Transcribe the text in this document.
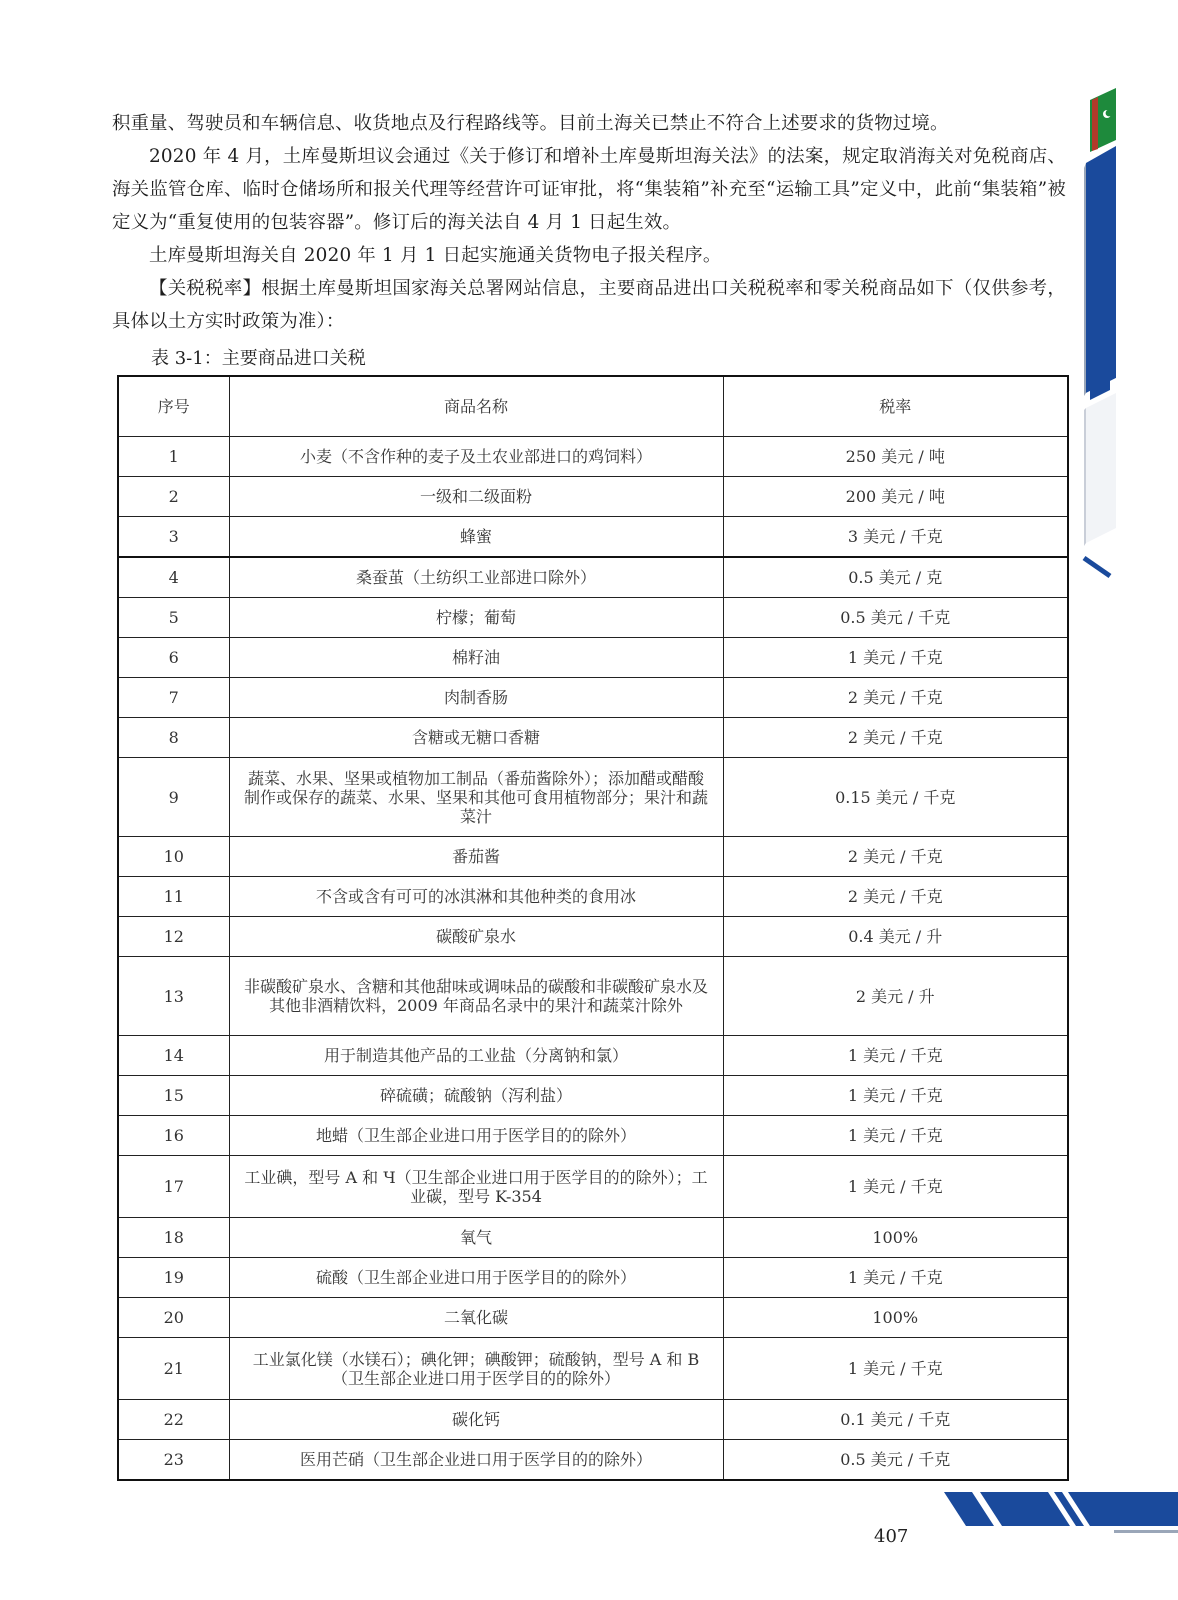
积重量、驾驶员和车辆信息、收货地点及行程路线等。目前土海关已禁止不符合上述要求的货物过境。

2020 年 4 月，土库曼斯坦议会通过《关于修订和增补土库曼斯坦海关法》的法案，规定取消海关对免税商店、海关监管仓库、临时仓储场所和报关代理等经营许可证审批，将“集装箱”补充至“运输工具”定义中，此前“集装箱”被定义为“重复使用的包装容器”。修订后的海关法自 4 月 1 日起生效。

土库曼斯坦海关自 2020 年 1 月 1 日起实施通关货物电子报关程序。

【关税税率】根据土库曼斯坦国家海关总署网站信息，主要商品进出口关税税率和零关税商品如下（仅供参考，具体以土方实时政策为准）：

表 3-1：主要商品进口关税

序号	商品名称	税率
1	小麦（不含作种的麦子及土农业部进口的鸡饲料）	250 美元 / 吨
2	一级和二级面粉	200 美元 / 吨
3	蜂蜜	3 美元 / 千克
4	桑蚕茧（土纺织工业部进口除外）	0.5 美元 / 克
5	柠檬；葡萄	0.5 美元 / 千克
6	棉籽油	1 美元 / 千克
7	肉制香肠	2 美元 / 千克
8	含糖或无糖口香糖	2 美元 / 千克
9	蔬菜、水果、坚果或植物加工制品（番茄酱除外）；添加醋或醋酸制作或保存的蔬菜、水果、坚果和其他可食用植物部分；果汁和蔬菜汁	0.15 美元 / 千克
10	番茄酱	2 美元 / 千克
11	不含或含有可可的冰淇淋和其他种类的食用冰	2 美元 / 千克
12	碳酸矿泉水	0.4 美元 / 升
13	非碳酸矿泉水、含糖和其他甜味或调味品的碳酸和非碳酸矿泉水及其他非酒精饮料，2009 年商品名录中的果汁和蔬菜汁除外	2 美元 / 升
14	用于制造其他产品的工业盐（分离钠和氯）	1 美元 / 千克
15	碎硫磺；硫酸钠（泻利盐）	1 美元 / 千克
16	地蜡（卫生部企业进口用于医学目的的除外）	1 美元 / 千克
17	工业碘，型号 A 和 Ч（卫生部企业进口用于医学目的的除外）；工业碳，型号 K-354	1 美元 / 千克
18	氧气	100%
19	硫酸（卫生部企业进口用于医学目的的除外）	1 美元 / 千克
20	二氧化碳	100%
21	工业氯化镁（水镁石）；碘化钾；碘酸钾；硫酸钠，型号 A 和 B（卫生部企业进口用于医学目的的除外）	1 美元 / 千克
22	碳化钙	0.1 美元 / 千克
23	医用芒硝（卫生部企业进口用于医学目的的除外）	0.5 美元 / 千克

407
